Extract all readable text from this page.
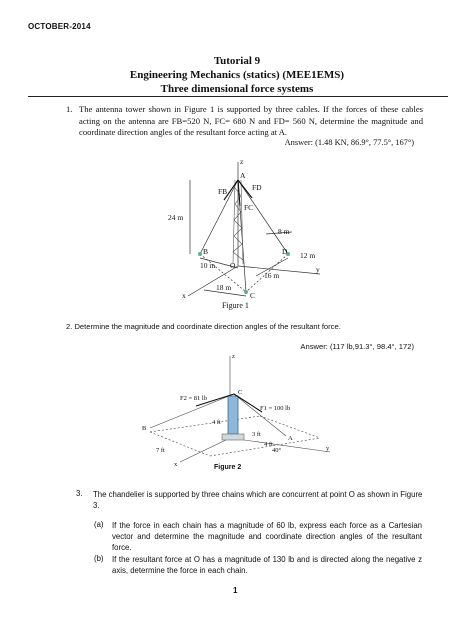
OCTOBER-2014
Tutorial 9
Engineering Mechanics (statics) (MEE1EMS)
Three dimensional force systems
1. The antenna tower shown in Figure 1 is supported by three cables. If the forces of these cables acting on the antenna are FB=520 N, FC= 680 N and FD= 560 N, determine the magnitude and coordinate direction angles of the resultant force acting at A.
Answer: (1.48 KN, 86.9°, 77.5°, 167°)
z
A
FB	FD
FC
24 m
B
O
D
C
8 m
12 m
10 m
16 m
18 m
x
y
Figure 1
2. Determine the magnitude and coordinate direction angles of the resultant force.
Answer: (117 lb,91.3°, 98.4°, 172)
z
C
F2 = 81 lb
F1 = 100 lb
4 ft
B
A
3 ft
4 ft
7 ft	40°
x
y
Figure 2
3. The chandelier is supported by three chains which are concurrent at point O as shown in Figure 3.
(a) If the force in each chain has a magnitude of 60 lb, express each force as a Cartesian vector and determine the magnitude and coordinate direction angles of the resultant force.
(b) If the resultant force at O has a magnitude of 130 lb and is directed along the negative z axis, determine the force in each chain.
1
